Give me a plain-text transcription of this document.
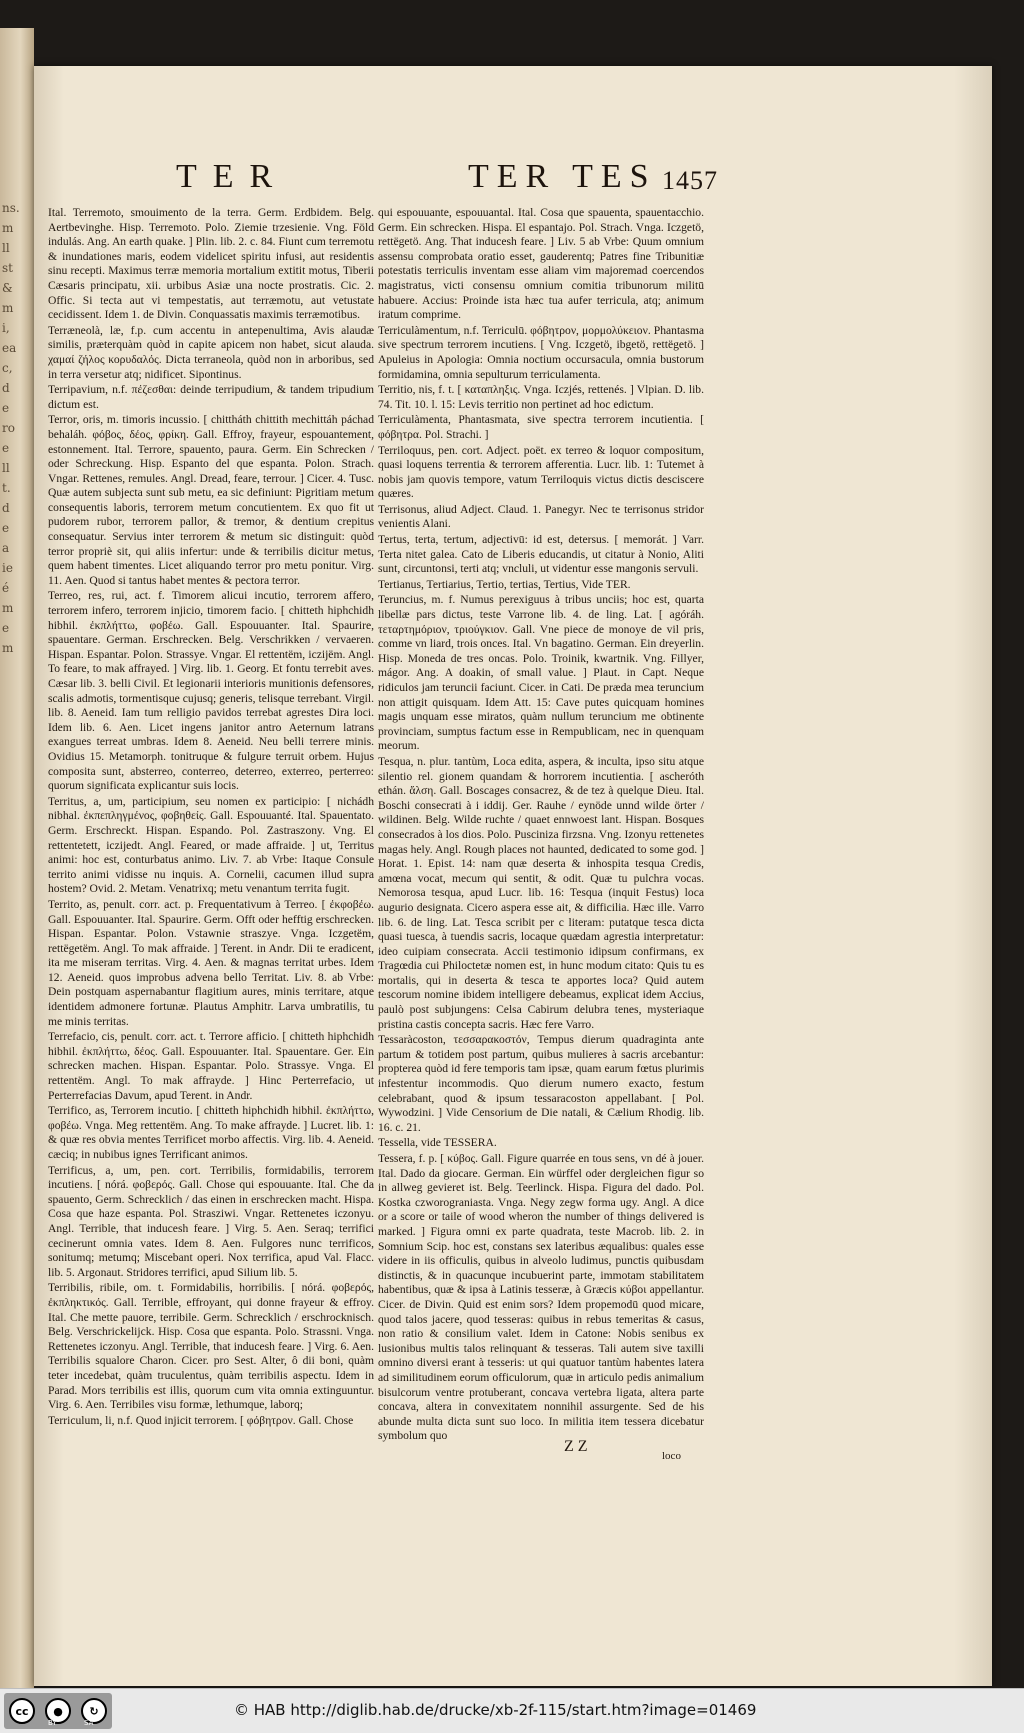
ns.
m
ll
st
&
m
i,
ea
c,
d
e
ro
e
ll
t.
d
e
a
ie
é
m
e
m
TER	TER TES 1457

Ital. Terremoto, smouimento de la terra. Germ. Erdbidem. Belg. Aertbevinghe. Hisp. Terremoto. Polo. Ziemie trzesienie. Vng. Föld indulás. Ang. An earth quake. ] Plin. lib. 2. c. 84. Fiunt cum terremotu & inundationes maris, eodem videlicet spiritu infusi, aut residentis sinu recepti. Maximus terræ memoria mortalium extitit motus, Tiberii Cæsaris principatu, xii. urbibus Asiæ una nocte prostratis. Cic. 2. Offic. Si tecta aut vi tempestatis, aut terræmotu, aut vetustate cecidissent. Idem 1. de Divin. Conquassatis maximis terræmotibus.

Terræneolà, læ, f.p. cum accentu in antepenultima, Avis alaudæ similis, præterquàm quòd in capite apicem non habet, sicut alauda. χαμαί ζήλος κορυδαλός. Dicta terraneola, quòd non in arboribus, sed in terra versetur atq; nidificet. Sipontinus.

Terripavium, n.f. πέζεσθαι: deinde terripudium, & tandem tripudium dictum est.

Terror, oris, m. timoris incussio. [ chittháth chittith mechittáh páchad behaláh. φόβος, δέος, φρίκη. Gall. Effroy, frayeur, espouantement, estonnement. Ital. Terrore, spauento, paura. Germ. Ein Schrecken / oder Schreckung. Hisp. Espanto del que espanta. Polon. Strach. Vngar. Rettenes, remules. Angl. Dread, feare, terrour. ] Cicer. 4. Tusc. Quæ autem subjecta sunt sub metu, ea sic definiunt: Pigritiam metum consequentis laboris, terrorem metum concutientem. Ex quo fit ut pudorem rubor, terrorem pallor, & tremor, & dentium crepitus consequatur. Servius inter terrorem & metum sic distinguit: quòd terror propriè sit, qui aliis infertur: unde & terribilis dicitur metus, quem habent timentes. Licet aliquando terror pro metu ponitur. Virg. 11. Aen. Quod si tantus habet mentes & pectora terror.

Terreo, res, rui, act. f. Timorem alicui incutio, terrorem affero, terrorem infero, terrorem injicio, timorem facio. [ chitteth hiphchidh hibhil. ἐκπλήττω, φοβέω. Gall. Espouuanter. Ital. Spaurire, spauentare. German. Erschrecken. Belg. Verschrikken / vervaeren. Hispan. Espantar. Polon. Strassye. Vngar. El rettentëm, iczijëm. Angl. To feare, to mak affrayed. ] Virg. lib. 1. Georg. Et fontu terrebit aves. Cæsar lib. 3. belli Civil. Et legionarii interioris munitionis defensores, scalis admotis, tormentisque cujusq; generis, telisque terrebant. Virgil. lib. 8. Aeneid. Iam tum relligio pavidos terrebat agrestes Dira loci. Idem lib. 6. Aen. Licet ingens janitor antro Aeternum latrans exangues terreat umbras. Idem 8. Aeneid. Neu belli terrere minis. Ovidius 15. Metamorph. tonitruque & fulgure terruit orbem. Hujus composita sunt, absterreo, conterreo, deterreo, exterreo, perterreo: quorum significata explicantur suis locis.

Territus, a, um, participium, seu nomen ex participio: [ nichádh nibhal. ἐκπεπληγμένος, φοβηθείς. Gall. Espouuanté. Ital. Spauentato. Germ. Erschreckt. Hispan. Espando. Pol. Zastraszony. Vng. El rettentetett, iczijedt. Angl. Feared, or made affraide. ] ut, Territus animi: hoc est, conturbatus animo. Liv. 7. ab Vrbe: Itaque Consule territo animi vidisse nu inquis. A. Cornelii, cacumen illud supra hostem? Ovid. 2. Metam. Venatrixq; metu venantum territa fugit.

Territo, as, penult. corr. act. p. Frequentativum à Terreo. [ ἐκφοβέω. Gall. Espouuanter. Ital. Spaurire. Germ. Offt oder hefftig erschrecken. Hispan. Espantar. Polon. Vstawnie straszye. Vnga. Iczgetëm, rettëgetëm. Angl. To mak affraide. ] Terent. in Andr. Dii te eradicent, ita me miseram territas. Virg. 4. Aen. & magnas territat urbes. Idem 12. Aeneid. quos improbus advena bello Territat. Liv. 8. ab Vrbe: Dein postquam aspernabantur flagitium aures, minis territare, atque identidem admonere fortunæ. Plautus Amphitr. Larva umbratilis, tu me minis territas.

Terrefacio, cis, penult. corr. act. t. Terrore afficio. [ chitteth hiphchidh hibhil. ἐκπλήττω, δέος. Gall. Espouuanter. Ital. Spauentare. Ger. Ein schrecken machen. Hispan. Espantar. Polo. Strassye. Vnga. El rettentëm. Angl. To mak affrayde. ] Hinc Perterrefacio, ut Perterrefacias Davum, apud Terent. in Andr.

Terrifico, as, Terrorem incutio. [ chitteth hiphchidh hibhil. ἐκπλήττω, φοβέω. Vnga. Meg rettentëm. Ang. To make affrayde. ] Lucret. lib. 1: & quæ res obvia mentes Terrificet morbo affectis. Virg. lib. 4. Aeneid. cæciq; in nubibus ignes Terrificant animos.

Terrificus, a, um, pen. cort. Terribilis, formidabilis, terrorem incutiens. [ nórá. φοβερός. Gall. Chose qui espouuante. Ital. Che da spauento, Germ. Schrecklich / das einen in erschrecken macht. Hispa. Cosa que haze espanta. Pol. Strasziwi. Vngar. Rettenetes iczonyu. Angl. Terrible, that inducesh feare. ] Virg. 5. Aen. Seraq; terrifici cecinerunt omnia vates. Idem 8. Aen. Fulgores nunc terrificos, sonitumq; metumq; Miscebant operi. Nox terrifica, apud Val. Flacc. lib. 5. Argonaut. Stridores terrifici, apud Silium lib. 5.

Terribilis, ribile, om. t. Formidabilis, horribilis. [ nórá. φοβερός, ἐκπληκτικός. Gall. Terrible, effroyant, qui donne frayeur & effroy. Ital. Che mette pauore, terribile. Germ. Schrecklich / erschrocknisch. Belg. Verschrickelijck. Hisp. Cosa que espanta. Polo. Strassni. Vnga. Rettenetes iczonyu. Angl. Terrible, that inducesh feare. ] Virg. 6. Aen. Terribilis squalore Charon. Cicer. pro Sest. Alter, ô dii boni, quàm teter incedebat, quàm truculentus, quàm terribilis aspectu. Idem in Parad. Mors terribilis est illis, quorum cum vita omnia extinguuntur. Virg. 6. Aen. Terribiles visu formæ, lethumque, laborq;

Terriculum, li, n.f. Quod injicit terrorem. [ φόβητρον. Gall. Chose

qui espouuante, espouuantal. Ital. Cosa que spauenta, spauentacchio. Germ. Ein schrecken. Hispa. El espantajo. Pol. Strach. Vnga. Iczgetö, rettëgetö. Ang. That inducesh feare. ] Liv. 5 ab Vrbe: Quum omnium assensu comprobata oratio esset, gauderentq; Patres fine Tribunitiæ potestatis terriculis inventam esse aliam vim majoremad coercendos magistratus, victi consensu omnium comitia tribunorum militū habuere. Accius: Proinde ista hæc tua aufer terricula, atq; animum iratum comprime.

Terriculàmentum, n.f. Terriculū. φόβητρον, μορμολύκειον. Phantasma sive spectrum terrorem incutiens. [ Vng. Iczgetö, ibgetö, rettëgetö. ] Apuleius in Apologia: Omnia noctium occursacula, omnia bustorum formidamina, omnia sepulturum terriculamenta.

Territio, nis, f. t. [ καταπληξις. Vnga. Iczjés, rettenés. ] Vlpian. D. lib. 74. Tit. 10. l. 15: Levis territio non pertinet ad hoc edictum.

Terriculàmenta, Phantasmata, sive spectra terrorem incutientia. [ φόβητρα. Pol. Strachi. ]

Terriloquus, pen. cort. Adject. poët. ex terreo & loquor compositum, quasi loquens terrentia & terrorem afferentia. Lucr. lib. 1: Tutemet à nobis jam quovis tempore, vatum Terriloquis victus dictis desciscere quæres.

Terrisonus, aliud Adject. Claud. 1. Panegyr. Nec te terrisonus stridor venientis Alani.

Tertus, terta, tertum, adjectivū: id est, detersus. [ memorát. ] Varr. Terta nitet galea. Cato de Liberis educandis, ut citatur à Nonio, Aliti sunt, circuntonsi, terti atq; vncluli, ut videntur esse mangonis servuli.

Tertianus, Tertiarius, Tertio, tertias, Tertius, Vide TER.

Teruncius, m. f. Numus perexiguus à tribus unciis; hoc est, quarta libellæ pars dictus, teste Varrone lib. 4. de ling. Lat. [ agóráh. τεταρτημόριον, τριούγκιον. Gall. Vne piece de monoye de vil pris, comme vn liard, trois onces. Ital. Vn bagatino. German. Ein dreyerlin. Hisp. Moneda de tres oncas. Polo. Troinik, kwartnik. Vng. Fillyer, mágor. Ang. A doakin, of small value. ] Plaut. in Capt. Neque ridiculos jam teruncii faciunt. Cicer. in Cati. De præda mea teruncium non attigit quisquam. Idem Att. 15: Cave putes quicquam homines magis unquam esse miratos, quàm nullum teruncium me obtinente provinciam, sumptus factum esse in Rempublicam, nec in quenquam meorum.

Tesqua, n. plur. tantùm, Loca edita, aspera, & inculta, ipso situ atque silentio rel. gionem quandam & horrorem incutientia. [ ascheróth ethán. ἄλση. Gall. Boscages consacrez, & de tez à quelque Dieu. Ital. Boschi consecrati à i iddij. Ger. Rauhe / eynöde unnd wilde örter / wildinen. Belg. Wilde ruchte / quaet ennwoest lant. Hispan. Bosques consecrados à los dios. Polo. Pusciniza firzsna. Vng. Izonyu rettenetes magas hely. Angl. Rough places not haunted, dedicated to some god. ] Horat. 1. Epist. 14: nam quæ deserta & inhospita tesqua Credis, amœna vocat, mecum qui sentit, & odit. Quæ tu pulchra vocas. Nemorosa tesqua, apud Lucr. lib. 16: Tesqua (inquit Festus) loca augurio designata. Cicero aspera esse ait, & difficilia. Hæc ille. Varro lib. 6. de ling. Lat. Tesca scribit per c literam: putatque tesca dicta quasi tuesca, à tuendis sacris, locaque quædam agrestia interpretatur: ideo cuipiam consecrata. Accii testimonio idipsum confirmans, ex Tragœdia cui Philoctetæ nomen est, in hunc modum citato: Quis tu es mortalis, qui in deserta & tesca te apportes loca? Quid autem tescorum nomine ibidem intelligere debeamus, explicat idem Accius, paulò post subjungens: Celsa Cabirum delubra tenes, mysteriaque pristina castis concepta sacris. Hæc fere Varro.

Tessaràcoston, τεσσαρακοστόν, Tempus dierum quadraginta ante partum & totidem post partum, quibus mulieres à sacris arcebantur: propterea quòd id fere temporis tam ipsæ, quam earum fœtus plurimis infestentur incommodis. Quo dierum numero exacto, festum celebrabant, quod & ipsum tessaracoston appellabant. [ Pol. Wywodzini. ] Vide Censorium de Die natali, & Cælium Rhodig. lib. 16. c. 21.

Tessella, vide TESSERA.

Tessera, f. p. [ κύβος. Gall. Figure quarrée en tous sens, vn dé à jouer. Ital. Dado da giocare. German. Ein würffel oder dergleichen figur so in allweg gevieret ist. Belg. Teerlinck. Hispa. Figura del dado. Pol. Kostka czworograniasta. Vnga. Negy zegw forma ugy. Angl. A dice or a score or taile of wood wheron the number of things delivered is marked. ] Figura omni ex parte quadrata, teste Macrob. lib. 2. in Somnium Scip. hoc est, constans sex lateribus æqualibus: quales esse videre in iis officulis, quibus in alveolo ludimus, punctis quibusdam distinctis, & in quacunque incubuerint parte, immotam stabilitatem habentibus, quæ & ipsa à Latinis tesseræ, à Græcis κύβοι appellantur. Cicer. de Divin. Quid est enim sors? Idem propemodū quod micare, quod talos jacere, quod tesseras: quibus in rebus temeritas & casus, non ratio & consilium valet. Idem in Catone: Nobis senibus ex lusionibus multis talos relinquant & tesseras. Tali autem sive taxilli omnino diversi erant à tesseris: ut qui quatuor tantùm habentes latera ad similitudinem eorum officulorum, quæ in articulo pedis animalium bisulcorum ventre protuberant, concava vertebra ligata, altera parte concava, altera in convexitatem nonnihil assurgente. Sed de his abunde multa dicta sunt suo loco. In militia item tessera dicebatur symbolum quo

Z Z
loco
cc	●	↻
BY	SA
© HAB http://diglib.hab.de/drucke/xb-2f-115/start.htm?image=01469
